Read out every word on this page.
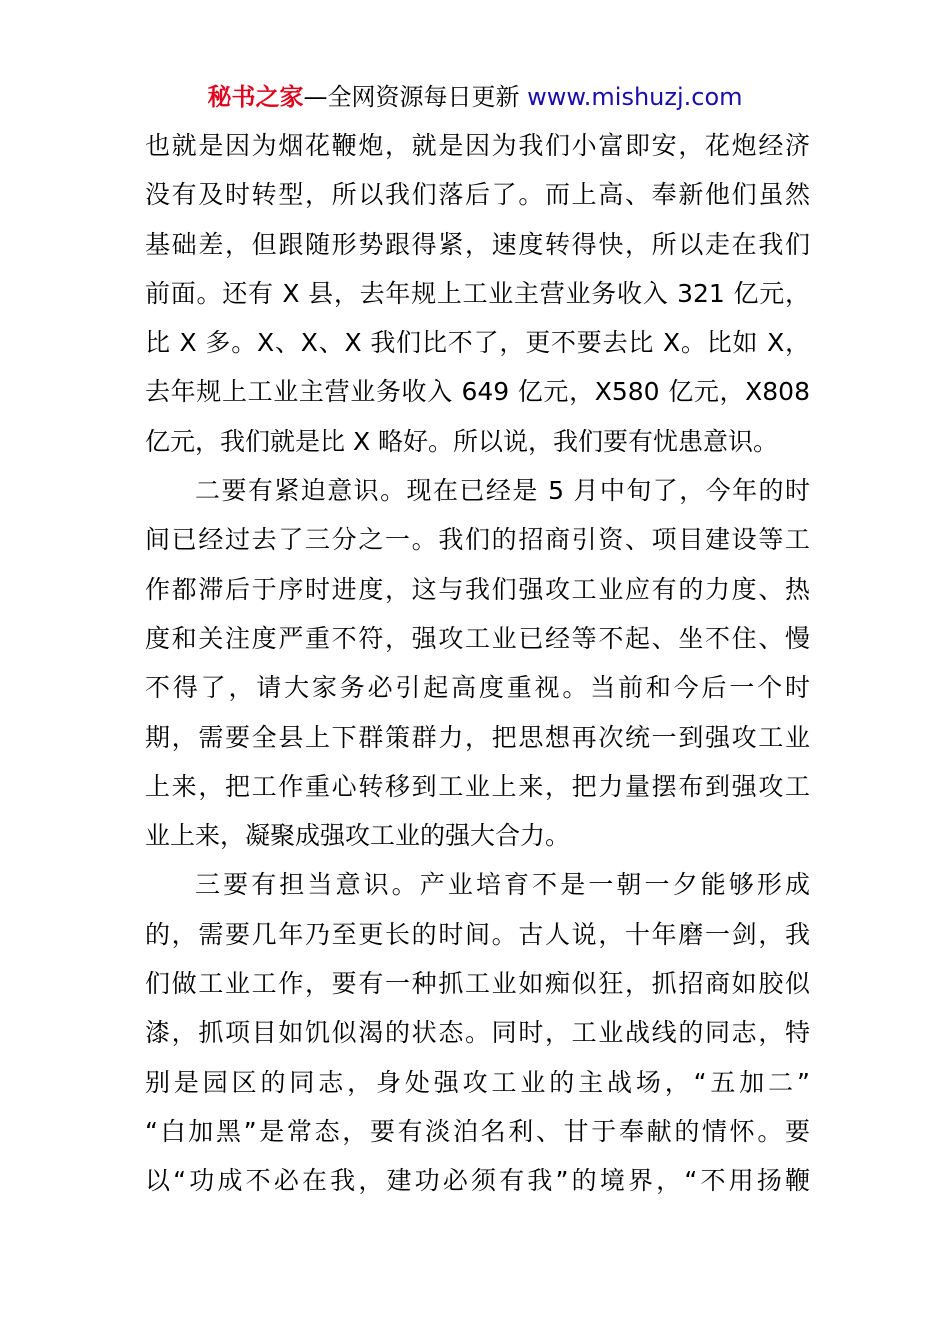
秘书之家—全网资源每日更新 www.mishuzj.com
也就是因为烟花鞭炮，就是因为我们小富即安，花炮经济
没有及时转型，所以我们落后了。而上高、奉新他们虽然
基础差，但跟随形势跟得紧，速度转得快，所以走在我们
前面。还有 X 县，去年规上工业主营业务收入 321 亿元，
比 X 多。X、X、X 我们比不了，更不要去比 X。比如 X，
去年规上工业主营业务收入 649 亿元，X580 亿元，X808
亿元，我们就是比 X 略好。所以说，我们要有忧患意识。
二要有紧迫意识。现在已经是 5 月中旬了，今年的时
间已经过去了三分之一。我们的招商引资、项目建设等工
作都滞后于序时进度，这与我们强攻工业应有的力度、热
度和关注度严重不符，强攻工业已经等不起、坐不住、慢
不得了，请大家务必引起高度重视。当前和今后一个时
期，需要全县上下群策群力，把思想再次统一到强攻工业
上来，把工作重心转移到工业上来，把力量摆布到强攻工
业上来，凝聚成强攻工业的强大合力。
三要有担当意识。产业培育不是一朝一夕能够形成
的，需要几年乃至更长的时间。古人说，十年磨一剑，我
们做工业工作，要有一种抓工业如痴似狂，抓招商如胶似
漆，抓项目如饥似渴的状态。同时，工业战线的同志，特
别是园区的同志，身处强攻工业的主战场，“五加二”
“白加黑”是常态，要有淡泊名利、甘于奉献的情怀。要
以“功成不必在我，建功必须有我”的境界，“不用扬鞭
